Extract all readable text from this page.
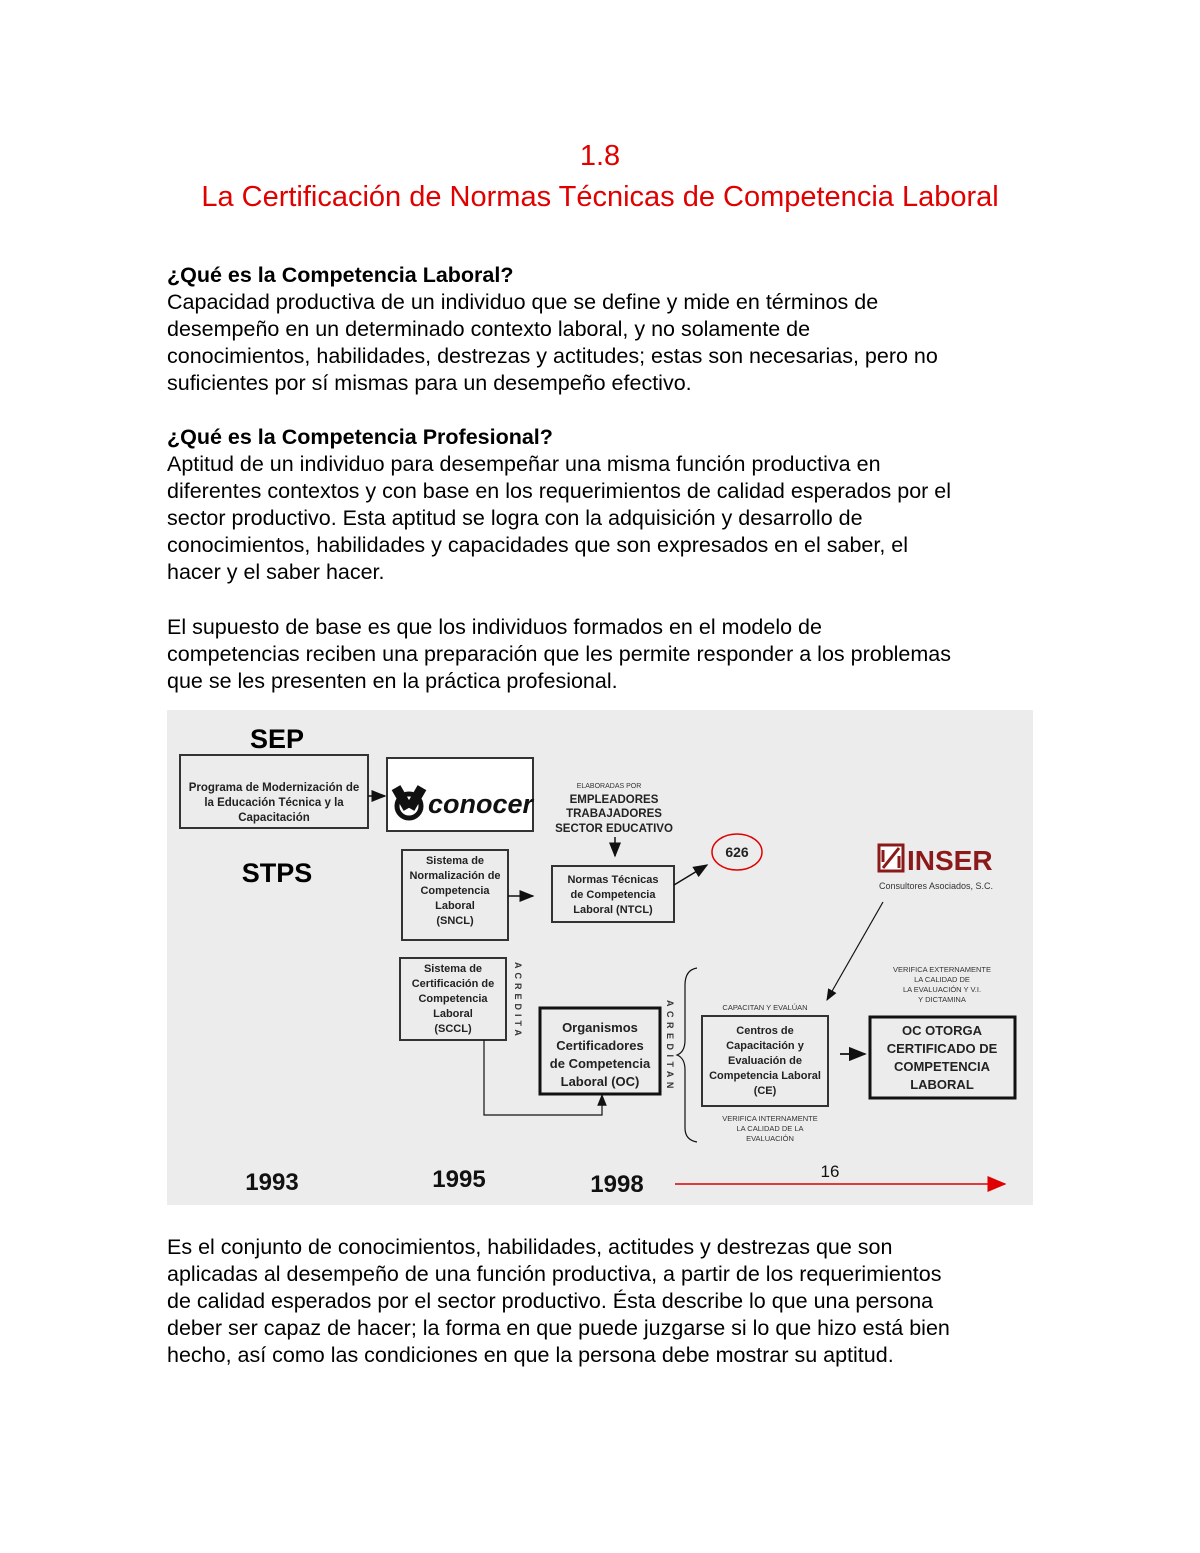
1.8
La Certificación de Normas Técnicas de Competencia Laboral

¿Qué es la Competencia Laboral?

Capacidad productiva de un individuo que se define y mide en términos de

desempeño en un determinado contexto laboral, y no solamente de

conocimientos, habilidades, destrezas y actitudes; estas son necesarias, pero no

suficientes por sí mismas para un desempeño efectivo.

¿Qué es la Competencia Profesional?

Aptitud de un individuo para desempeñar una misma función productiva en

diferentes contextos y con base en los requerimientos de calidad esperados por el

sector productivo. Esta aptitud se logra con la adquisición y desarrollo de

conocimientos, habilidades y capacidades que son expresados en el saber, el

hacer y el saber hacer.

El supuesto de base es que los individuos formados en el modelo de

competencias reciben una preparación que les permite responder a los problemas

que se les presenten en la práctica profesional.

SEP
STPS
Programa de Modernización de
la Educación Técnica y la
Capacitación	conocer
ELABORADAS POR
EMPLEADORES
TRABAJADORES
SECTOR EDUCATIVO
Sistema de
Normalización de
Competencia
Laboral
(SNCL)
Normas Técnicas
de Competencia
Laboral (NTCL)
626	INSER
Consultores Asociados, S.C.
Sistema de
Certificación de
Competencia
Laboral
(SCCL)	ACREDITA	Organismos
Certificadores
de Competencia
Laboral (OC)	ACREDITAN	CAPACITAN Y EVALÚAN
Centros de
Capacitación y
Evaluación de
Competencia Laboral
(CE)
VERIFICA INTERNAMENTE
LA CALIDAD DE LA
EVALUACIÓN
VERIFICA EXTERNAMENTE
LA CALIDAD DE
LA EVALUACIÓN Y V.I.
Y DICTAMINA
OC OTORGA
CERTIFICADO DE
COMPETENCIA
LABORAL
1993	1995	1998	16

Es el conjunto de conocimientos, habilidades, actitudes y destrezas que son

aplicadas al desempeño de una función productiva, a partir de los requerimientos

de calidad esperados por el sector productivo. Ésta describe lo que una persona

deber ser capaz de hacer; la forma en que puede juzgarse si lo que hizo está bien

hecho, así como las condiciones en que la persona debe mostrar su aptitud.
